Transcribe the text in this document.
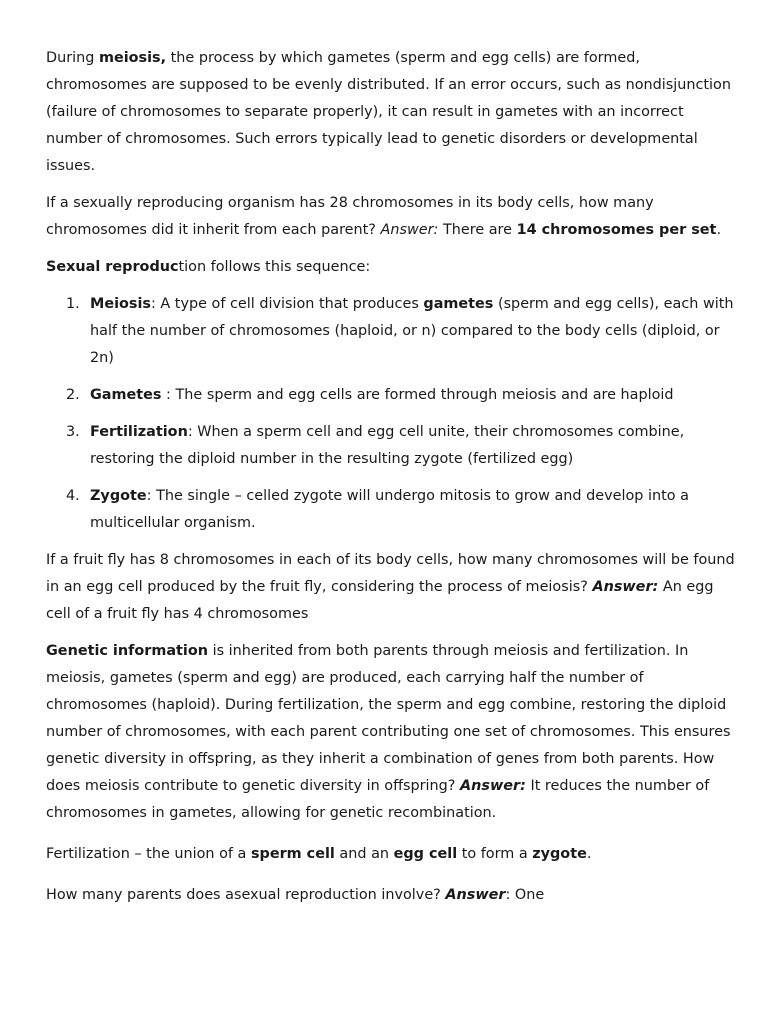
During meiosis, the process by which gametes (sperm and egg cells) are formed, chromosomes are supposed to be evenly distributed. If an error occurs, such as nondisjunction (failure of chromosomes to separate properly), it can result in gametes with an incorrect number of chromosomes. Such errors typically lead to genetic disorders or developmental issues.

If a sexually reproducing organism has 28 chromosomes in its body cells, how many chromosomes did it inherit from each parent? Answer: There are 14 chromosomes per set.

Sexual reproduction follows this sequence:

1. Meiosis: A type of cell division that produces gametes (sperm and egg cells), each with half the number of chromosomes (haploid, or n) compared to the body cells (diploid, or 2n)
2. Gametes : The sperm and egg cells are formed through meiosis and are haploid
3. Fertilization: When a sperm cell and egg cell unite, their chromosomes combine, restoring the diploid number in the resulting zygote (fertilized egg)
4. Zygote: The single – celled zygote will undergo mitosis to grow and develop into a multicellular organism.

If a fruit fly has 8 chromosomes in each of its body cells, how many chromosomes will be found in an egg cell produced by the fruit fly, considering the process of meiosis? Answer: An egg cell of a fruit fly has 4 chromosomes

Genetic information is inherited from both parents through meiosis and fertilization. In meiosis, gametes (sperm and egg) are produced, each carrying half the number of chromosomes (haploid). During fertilization, the sperm and egg combine, restoring the diploid number of chromosomes, with each parent contributing one set of chromosomes. This ensures genetic diversity in offspring, as they inherit a combination of genes from both parents. How does meiosis contribute to genetic diversity in offspring? Answer: It reduces the number of chromosomes in gametes, allowing for genetic recombination.

Fertilization – the union of a sperm cell and an egg cell to form a zygote.

How many parents does asexual reproduction involve? Answer: One
